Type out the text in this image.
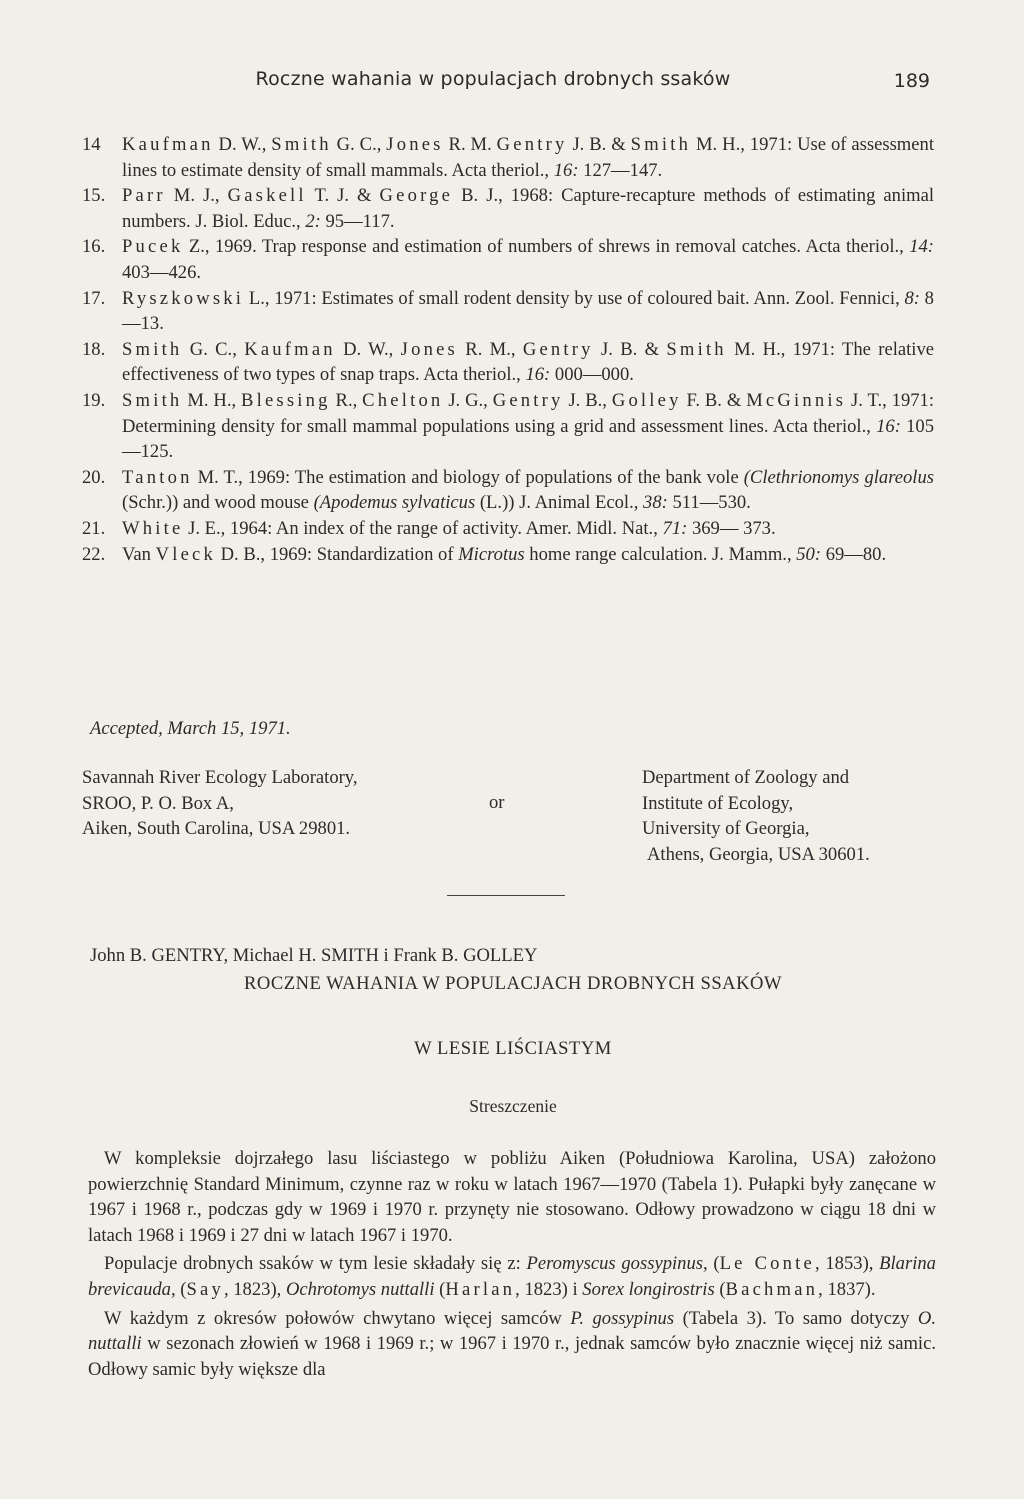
Roczne wahania w populacjach drobnych ssaków	189

14 Kaufman D. W., Smith G. C., Jones R. M. Gentry J. B. & Smith M. H., 1971: Use of assessment lines to estimate density of small mammals. Acta theriol., 16: 127—147.

15. Parr M. J., Gaskell T. J. & George B. J., 1968: Capture-recapture methods of estimating animal numbers. J. Biol. Educ., 2: 95—117.

16. Pucek Z., 1969. Trap response and estimation of numbers of shrews in removal catches. Acta theriol., 14: 403—426.

17. Ryszkowski L., 1971: Estimates of small rodent density by use of coloured bait. Ann. Zool. Fennici, 8: 8—13.

18. Smith G. C., Kaufman D. W., Jones R. M., Gentry J. B. & Smith M. H., 1971: The relative effectiveness of two types of snap traps. Acta theriol., 16: 000—000.

19. Smith M. H., Blessing R., Chelton J. G., Gentry J. B., Golley F. B. & McGinnis J. T., 1971: Determining density for small mammal populations using a grid and assessment lines. Acta theriol., 16: 105—125.

20. Tanton M. T., 1969: The estimation and biology of populations of the bank vole (Clethrionomys glareolus (Schr.)) and wood mouse (Apodemus sylvaticus (L.)) J. Animal Ecol., 38: 511—530.

21. White J. E., 1964: An index of the range of activity. Amer. Midl. Nat., 71: 369— 373.

22. Van Vleck D. B., 1969: Standardization of Microtus home range calculation. J. Mamm., 50: 69—80.

Accepted, March 15, 1971.
Savannah River Ecology Laboratory,
SROO, P. O. Box A,
Aiken, South Carolina, USA 29801.
or
Department of Zoology and
Institute of Ecology,
University of Georgia,
Athens, Georgia, USA 30601.
John B. GENTRY, Michael H. SMITH i Frank B. GOLLEY
ROCZNE WAHANIA W POPULACJACH DROBNYCH SSAKÓW
W LESIE LIŚCIASTYM
Streszczenie

W kompleksie dojrzałego lasu liściastego w pobliżu Aiken (Południowa Karolina, USA) założono powierzchnię Standard Minimum, czynne raz w roku w latach 1967—1970 (Tabela 1). Pułapki były zanęcane w 1967 i 1968 r., podczas gdy w 1969 i 1970 r. przynęty nie stosowano. Odłowy prowadzono w ciągu 18 dni w latach 1968 i 1969 i 27 dni w latach 1967 i 1970.

Populacje drobnych ssaków w tym lesie składały się z: Peromyscus gossypinus, (Le Conte, 1853), Blarina brevicauda, (Say, 1823), Ochrotomys nuttalli (Harlan, 1823) i Sorex longirostris (Bachman, 1837).

W każdym z okresów połowów chwytano więcej samców P. gossypinus (Tabela 3). To samo dotyczy O. nuttalli w sezonach złowień w 1968 i 1969 r.; w 1967 i 1970 r., jednak samców było znacznie więcej niż samic. Odłowy samic były większe dla
